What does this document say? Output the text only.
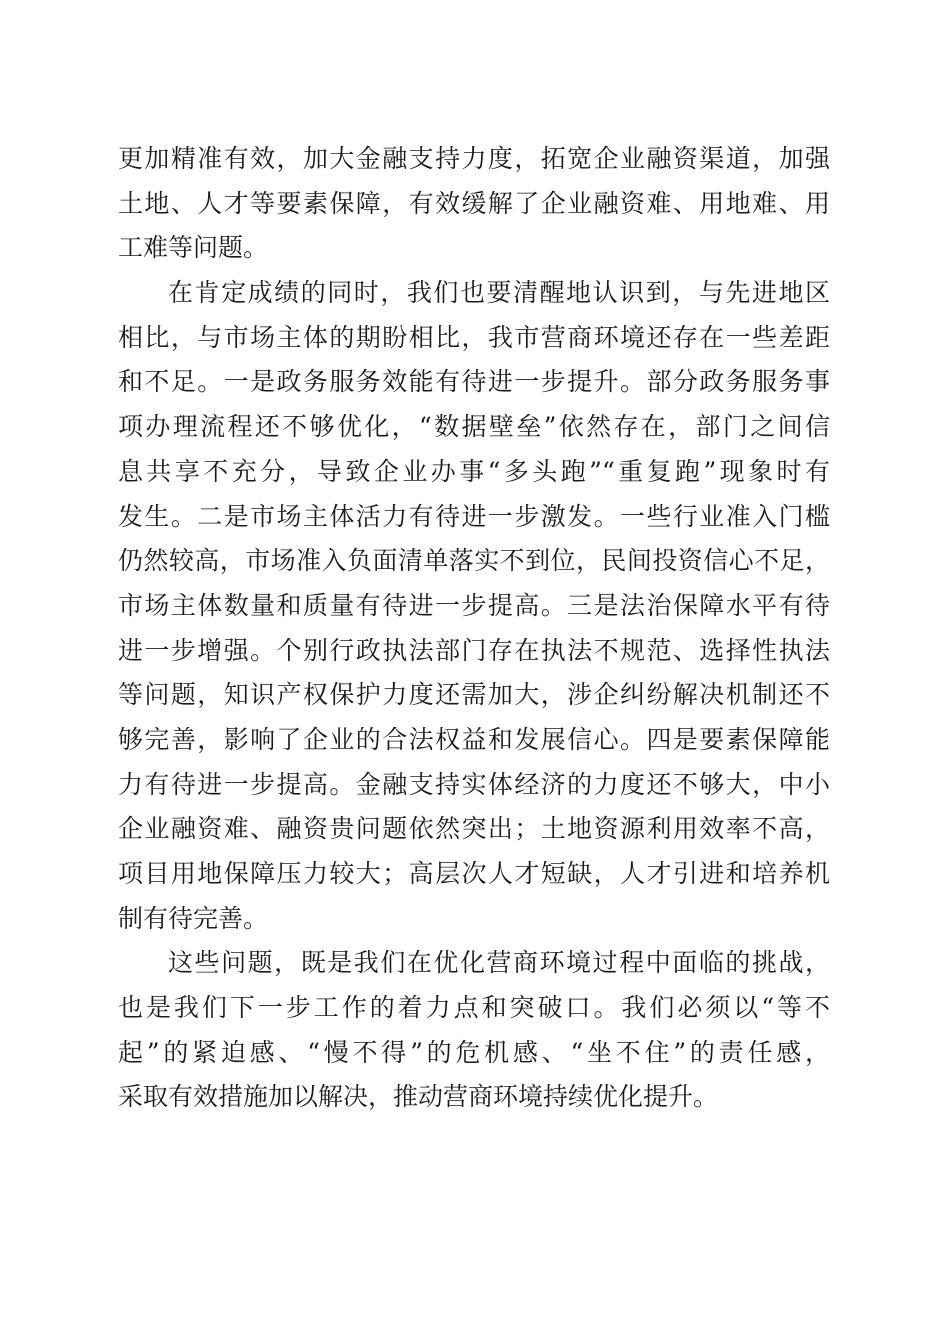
更加精准有效，加大金融支持力度，拓宽企业融资渠道，加强
土地、人才等要素保障，有效缓解了企业融资难、用地难、用
工难等问题。
在肯定成绩的同时，我们也要清醒地认识到，与先进地区
相比，与市场主体的期盼相比，我市营商环境还存在一些差距
和不足。一是政务服务效能有待进一步提升。部分政务服务事
项办理流程还不够优化，“数据壁垒”依然存在，部门之间信
息共享不充分，导致企业办事“多头跑”“重复跑”现象时有
发生。二是市场主体活力有待进一步激发。一些行业准入门槛
仍然较高，市场准入负面清单落实不到位，民间投资信心不足，
市场主体数量和质量有待进一步提高。三是法治保障水平有待
进一步增强。个别行政执法部门存在执法不规范、选择性执法
等问题，知识产权保护力度还需加大，涉企纠纷解决机制还不
够完善，影响了企业的合法权益和发展信心。四是要素保障能
力有待进一步提高。金融支持实体经济的力度还不够大，中小
企业融资难、融资贵问题依然突出；土地资源利用效率不高，
项目用地保障压力较大；高层次人才短缺，人才引进和培养机
制有待完善。
这些问题，既是我们在优化营商环境过程中面临的挑战，
也是我们下一步工作的着力点和突破口。我们必须以“等不
起”的紧迫感、“慢不得”的危机感、“坐不住”的责任感，
采取有效措施加以解决，推动营商环境持续优化提升。
